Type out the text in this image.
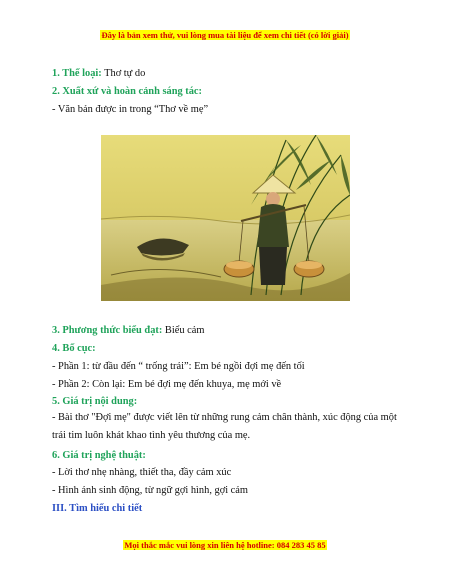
Đây là bản xem thử, vui lòng mua tài liệu để xem chi tiết (có lời giải)
1. Thể loại: Thơ tự do
2. Xuất xứ và hoàn cảnh sáng tác:
- Văn bản được in trong “Thơ về mẹ”
3. Phương thức biểu đạt: Biểu cảm
4. Bố cục:
- Phần 1: từ đầu đến “ trống trải”: Em bé ngồi đợi mẹ đến tối
- Phần 2: Còn lại: Em bé đợi mẹ đến khuya, mẹ mới về
5. Giá trị nội dung:
- Bài thơ "Đợi mẹ" được viết lên từ những rung cảm chân thành, xúc động của một trái tim luôn khát khao tình yêu thương của mẹ.
6. Giá trị nghệ thuật:
- Lời thơ nhẹ nhàng, thiết tha, đầy cảm xúc
- Hình ảnh sinh động, từ ngữ gợi hình, gợi cảm
III. Tìm hiểu chi tiết
Mọi thắc mắc vui lòng xin liên hệ hotline: 084 283 45 85
